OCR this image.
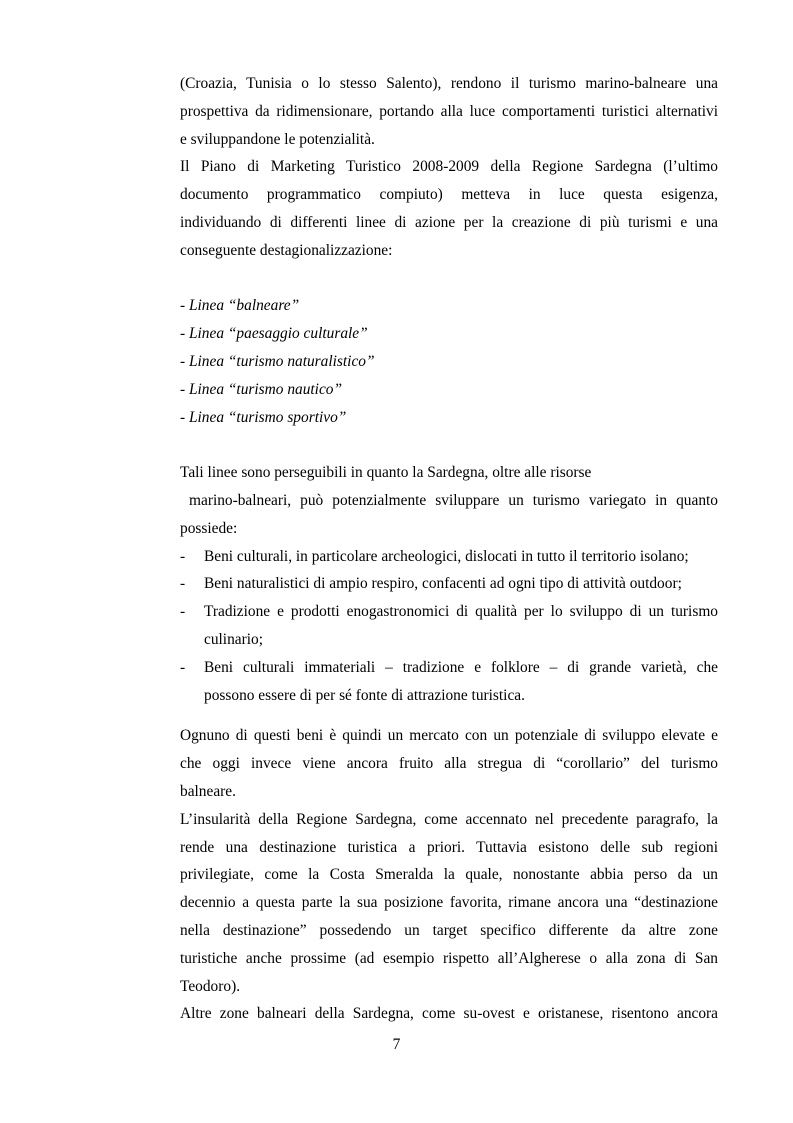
(Croazia, Tunisia o lo stesso Salento), rendono il turismo marino-balneare una
prospettiva da ridimensionare, portando alla luce comportamenti turistici alternativi
e sviluppandone le potenzialità.
Il Piano di Marketing Turistico 2008-2009 della Regione Sardegna (l’ultimo
documento programmatico compiuto) metteva in luce questa esigenza,
individuando di differenti linee di azione per la creazione di più turismi e una
conseguente destagionalizzazione:
- Linea “balneare”
- Linea “paesaggio culturale”
- Linea “turismo naturalistico”
- Linea “turismo nautico”
- Linea “turismo sportivo”
Tali linee sono perseguibili in quanto la Sardegna, oltre alle risorse
marino-balneari, può potenzialmente sviluppare un turismo variegato in quanto
possiede:
-	Beni culturali, in particolare archeologici, dislocati in tutto il territorio isolano;
-	Beni naturalistici di ampio respiro, confacenti ad ogni tipo di attività outdoor;
-	Tradizione e prodotti enogastronomici di qualità per lo sviluppo di un turismo
culinario;
-	Beni culturali immateriali – tradizione e folklore – di grande varietà, che
possono essere di per sé fonte di attrazione turistica.
Ognuno di questi beni è quindi un mercato con un potenziale di sviluppo elevate e
che oggi invece viene ancora fruito alla stregua di “corollario” del turismo
balneare.
L’insularità della Regione Sardegna, come accennato nel precedente paragrafo, la
rende una destinazione turistica a priori. Tuttavia esistono delle sub regioni
privilegiate, come la Costa Smeralda la quale, nonostante abbia perso da un
decennio a questa parte la sua posizione favorita, rimane ancora una “destinazione
nella destinazione” possedendo un target specifico differente da altre zone
turistiche anche prossime (ad esempio rispetto all’Algherese o alla zona di San
Teodoro).
Altre zone balneari della Sardegna, come su-ovest e oristanese, risentono ancora
7
